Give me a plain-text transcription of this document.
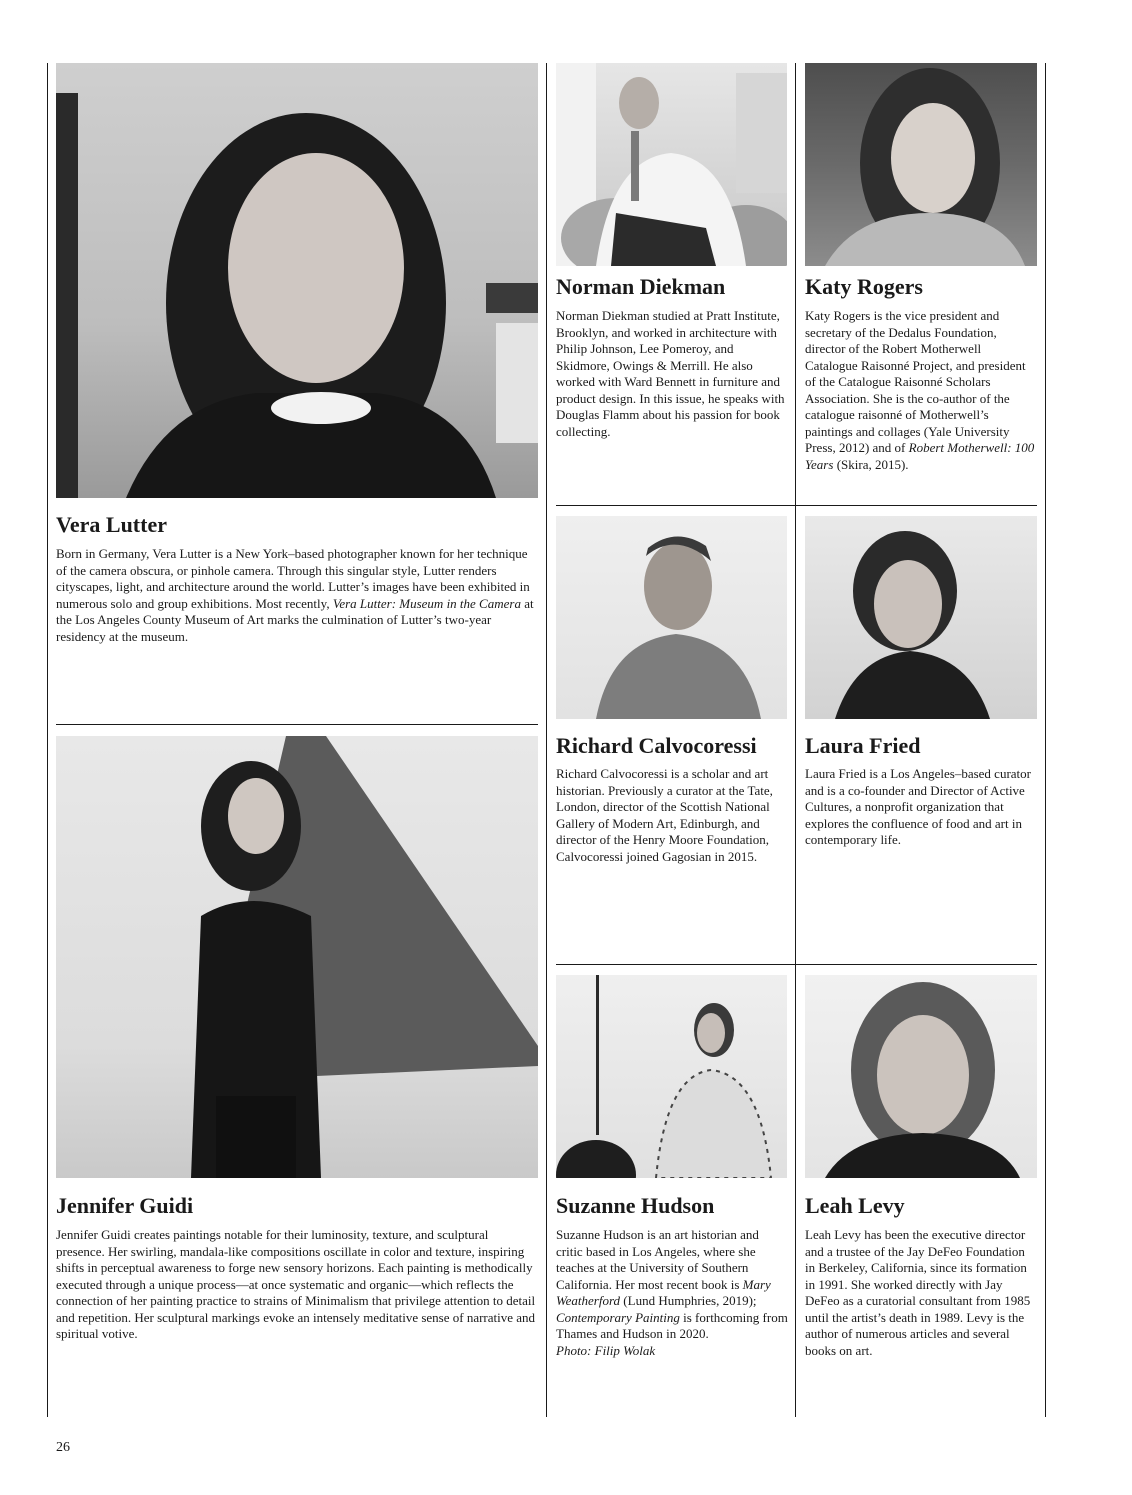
Vera Lutter
Born in Germany, Vera Lutter is a New York–based photographer known for her technique of the camera obscura, or pinhole camera. Through this singular style, Lutter renders cityscapes, light, and architecture around the world. Lutter’s images have been exhibited in numerous solo and group exhibitions. Most recently, Vera Lutter: Museum in the Camera at the Los Angeles County Museum of Art marks the culmination of Lutter’s two-year residency at the museum.
Norman Diekman
Norman Diekman studied at Pratt Institute, Brooklyn, and worked in architecture with Philip Johnson, Lee Pomeroy, and Skidmore, Owings & Merrill. He also worked with Ward Bennett in furniture and product design. In this issue, he speaks with Douglas Flamm about his passion for book collecting.
Katy Rogers
Katy Rogers is the vice president and secretary of the Dedalus Foundation, director of the Robert Motherwell Catalogue Raisonné Project, and president of the Catalogue Raisonné Scholars Association. She is the co-author of the catalogue raisonné of Motherwell’s paintings and collages (Yale University Press, 2012) and of Robert Motherwell: 100 Years (Skira, 2015).
Richard Calvocoressi
Richard Calvocoressi is a scholar and art historian. Previously a curator at the Tate, London, director of the Scottish National Gallery of Modern Art, Edinburgh, and director of the Henry Moore Foundation, Calvocoressi joined Gagosian in 2015.
Laura Fried
Laura Fried is a Los Angeles–based curator and is a co-founder and Director of Active Cultures, a nonprofit organization that explores the confluence of food and art in contemporary life.
Jennifer Guidi
Jennifer Guidi creates paintings notable for their luminosity, texture, and sculptural presence. Her swirling, mandala-like compositions oscillate in color and texture, inspiring shifts in perceptual awareness to forge new sensory horizons. Each painting is methodically executed through a unique process—at once systematic and organic—which reflects the connection of her painting practice to strains of Minimalism that privilege attention to detail and repetition. Her sculptural markings evoke an intensely meditative sense of narrative and spiritual votive.
Suzanne Hudson
Suzanne Hudson is an art historian and critic based in Los Angeles, where she teaches at the University of Southern California. Her most recent book is Mary Weatherford (Lund Humphries, 2019); Contemporary Painting is forthcoming from Thames and Hudson in 2020.
Photo: Filip Wolak
Leah Levy
Leah Levy has been the executive director and a trustee of the Jay DeFeo Foundation in Berkeley, California, since its formation in 1991. She worked directly with Jay DeFeo as a curatorial consultant from 1985 until the artist’s death in 1989. Levy is the author of numerous articles and several books on art.
26
